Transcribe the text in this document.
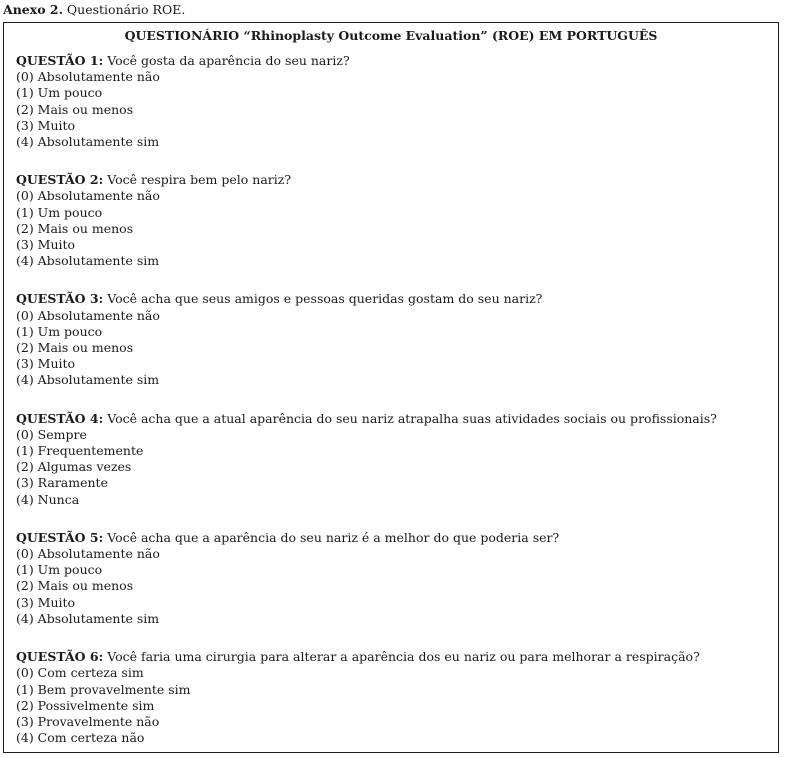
Anexo 2. Questionário ROE.
QUESTIONÁRIO “Rhinoplasty Outcome Evaluation” (ROE) EM PORTUGUÊS
QUESTÃO 1: Você gosta da aparência do seu nariz?
(0) Absolutamente não
(1) Um pouco
(2) Mais ou menos
(3) Muito
(4) Absolutamente sim
QUESTÃO 2: Você respira bem pelo nariz?
(0) Absolutamente não
(1) Um pouco
(2) Mais ou menos
(3) Muito
(4) Absolutamente sim
QUESTÃO 3: Você acha que seus amigos e pessoas queridas gostam do seu nariz?
(0) Absolutamente não
(1) Um pouco
(2) Mais ou menos
(3) Muito
(4) Absolutamente sim
QUESTÃO 4: Você acha que a atual aparência do seu nariz atrapalha suas atividades sociais ou profissionais?
(0) Sempre
(1) Frequentemente
(2) Algumas vezes
(3) Raramente
(4) Nunca
QUESTÃO 5: Você acha que a aparência do seu nariz é a melhor do que poderia ser?
(0) Absolutamente não
(1) Um pouco
(2) Mais ou menos
(3) Muito
(4) Absolutamente sim
QUESTÃO 6: Você faria uma cirurgia para alterar a aparência dos eu nariz ou para melhorar a respiração?
(0) Com certeza sim
(1) Bem provavelmente sim
(2) Possivelmente sim
(3) Provavelmente não
(4) Com certeza não
